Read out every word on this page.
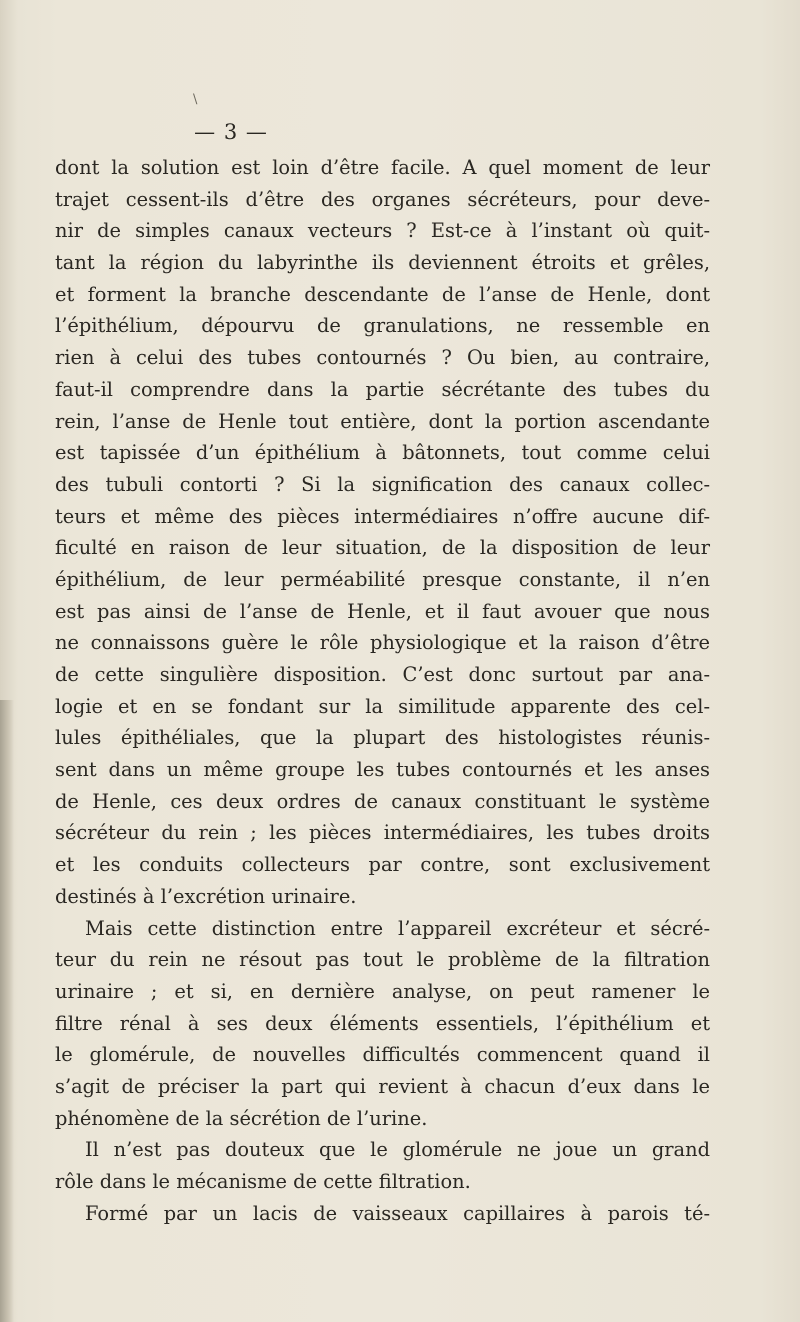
\
— 3 —
dont la solution est loin d’être facile. A quel moment de leur
trajet cessent-ils d’être des organes sécréteurs, pour deve-
nir de simples canaux vecteurs ? Est-ce à l’instant où quit-
tant la région du labyrinthe ils deviennent étroits et grêles,
et forment la branche descendante de l’anse de Henle, dont
l’épithélium, dépourvu de granulations, ne ressemble en
rien à celui des tubes contournés ? Ou bien, au contraire,
faut-il comprendre dans la partie sécrétante des tubes du
rein, l’anse de Henle tout entière, dont la portion ascendante
est tapissée d’un épithélium à bâtonnets, tout comme celui
des tubuli contorti ? Si la signification des canaux collec-
teurs et même des pièces intermédiaires n’offre aucune dif-
ficulté en raison de leur situation, de la disposition de leur
épithélium, de leur perméabilité presque constante, il n’en
est pas ainsi de l’anse de Henle, et il faut avouer que nous
ne connaissons guère le rôle physiologique et la raison d’être
de cette singulière disposition. C’est donc surtout par ana-
logie et en se fondant sur la similitude apparente des cel-
lules épithéliales, que la plupart des histologistes réunis-
sent dans un même groupe les tubes contournés et les anses
de Henle, ces deux ordres de canaux constituant le système
sécréteur du rein ; les pièces intermédiaires, les tubes droits
et les conduits collecteurs par contre, sont exclusivement
destinés à l’excrétion urinaire.
Mais cette distinction entre l’appareil excréteur et sécré-
teur du rein ne résout pas tout le problème de la filtration
urinaire ; et si, en dernière analyse, on peut ramener le
filtre rénal à ses deux éléments essentiels, l’épithélium et
le glomérule, de nouvelles difficultés commencent quand il
s’agit de préciser la part qui revient à chacun d’eux dans le
phénomène de la sécrétion de l’urine.
Il n’est pas douteux que le glomérule ne joue un grand
rôle dans le mécanisme de cette filtration.
Formé par un lacis de vaisseaux capillaires à parois té-
